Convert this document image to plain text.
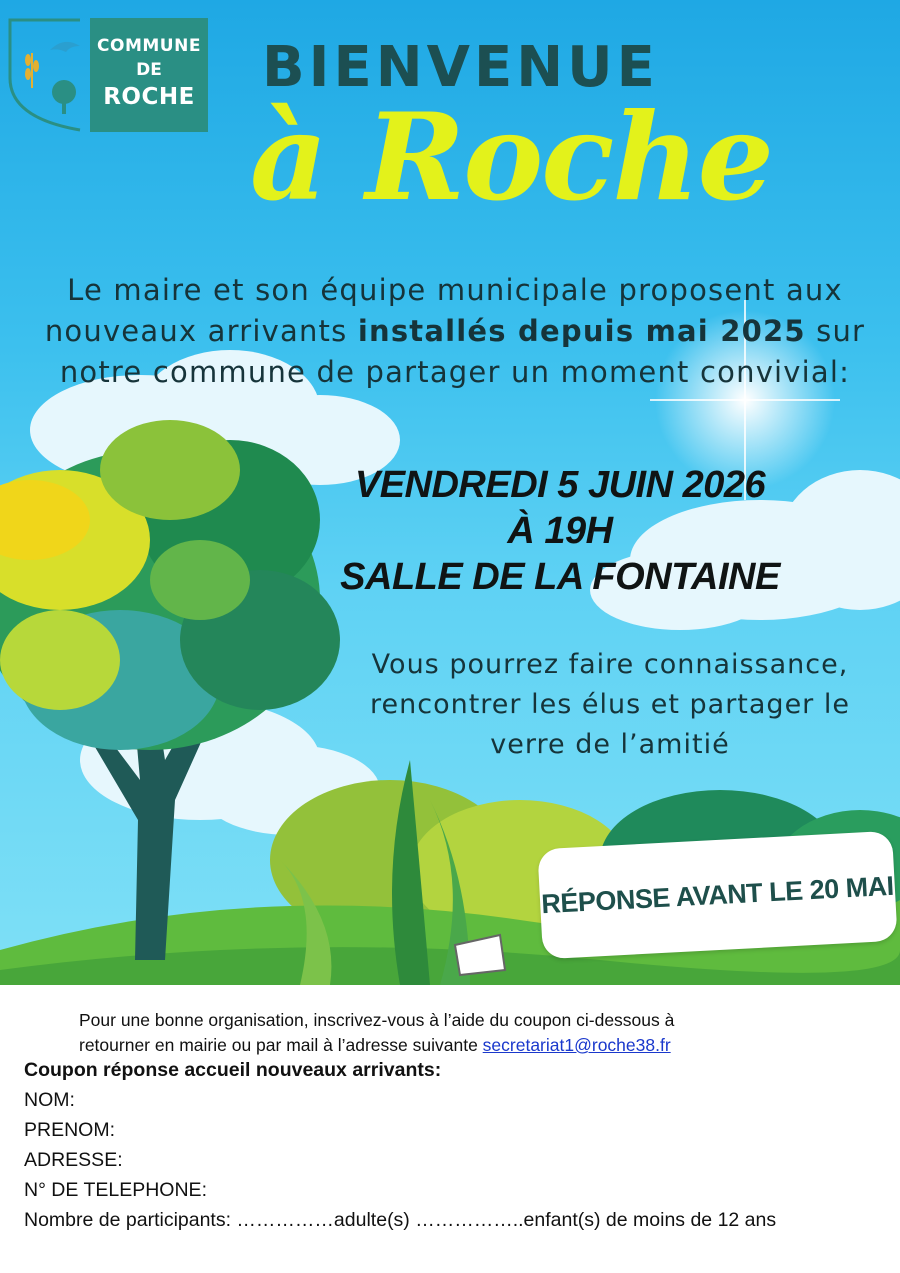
COMMUNE
DE
ROCHE BIENVENUE
à Roche

Le maire et son équipe municipale proposent aux nouveaux arrivants installés depuis mai 2025 sur notre commune de partager un moment convivial:

VENDREDI 5 JUIN 2026
À 19H
SALLE DE LA FONTAINE

Vous pourrez faire connaissance, rencontrer les élus et partager le verre de l’amitié

RÉPONSE AVANT LE 20 MAI

Pour une bonne organisation, inscrivez-vous à l’aide du coupon ci-dessous à
retourner en mairie ou par mail à l’adresse suivante secretariat1@roche38.fr

Coupon réponse accueil nouveaux arrivants:
NOM:
PRENOM:
ADRESSE:
N° DE TELEPHONE:
Nombre de participants: ……………adulte(s) ……………..enfant(s) de moins de 12 ans
